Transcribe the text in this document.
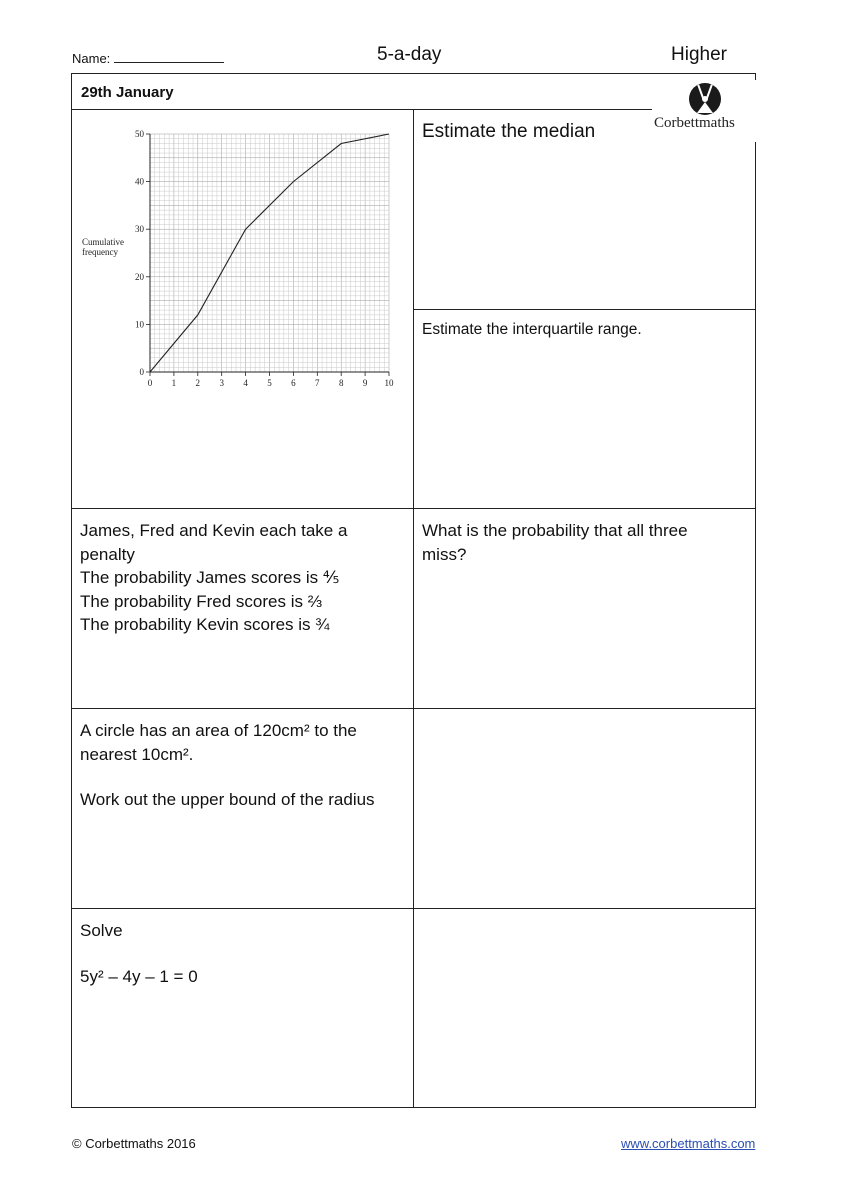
Name:	5-a-day	Higher
29th January
Corbettmaths
0 1 2 3 4 5 6 7 8 9 10
0
10
20
30
40
50
Cumulative
frequency
Estimate the median
Estimate the interquartile range.
James, Fred and Kevin each take a
penalty
The probability James scores is ⅘
The probability Fred scores is ⅔
The probability Kevin scores is ¾
What is the probability that all three
miss?
A circle has an area of 120cm² to the
nearest 10cm².
Work out the upper bound of the radius
Solve
5y² – 4y – 1 = 0
© Corbettmaths 2016	www.corbettmaths.com
